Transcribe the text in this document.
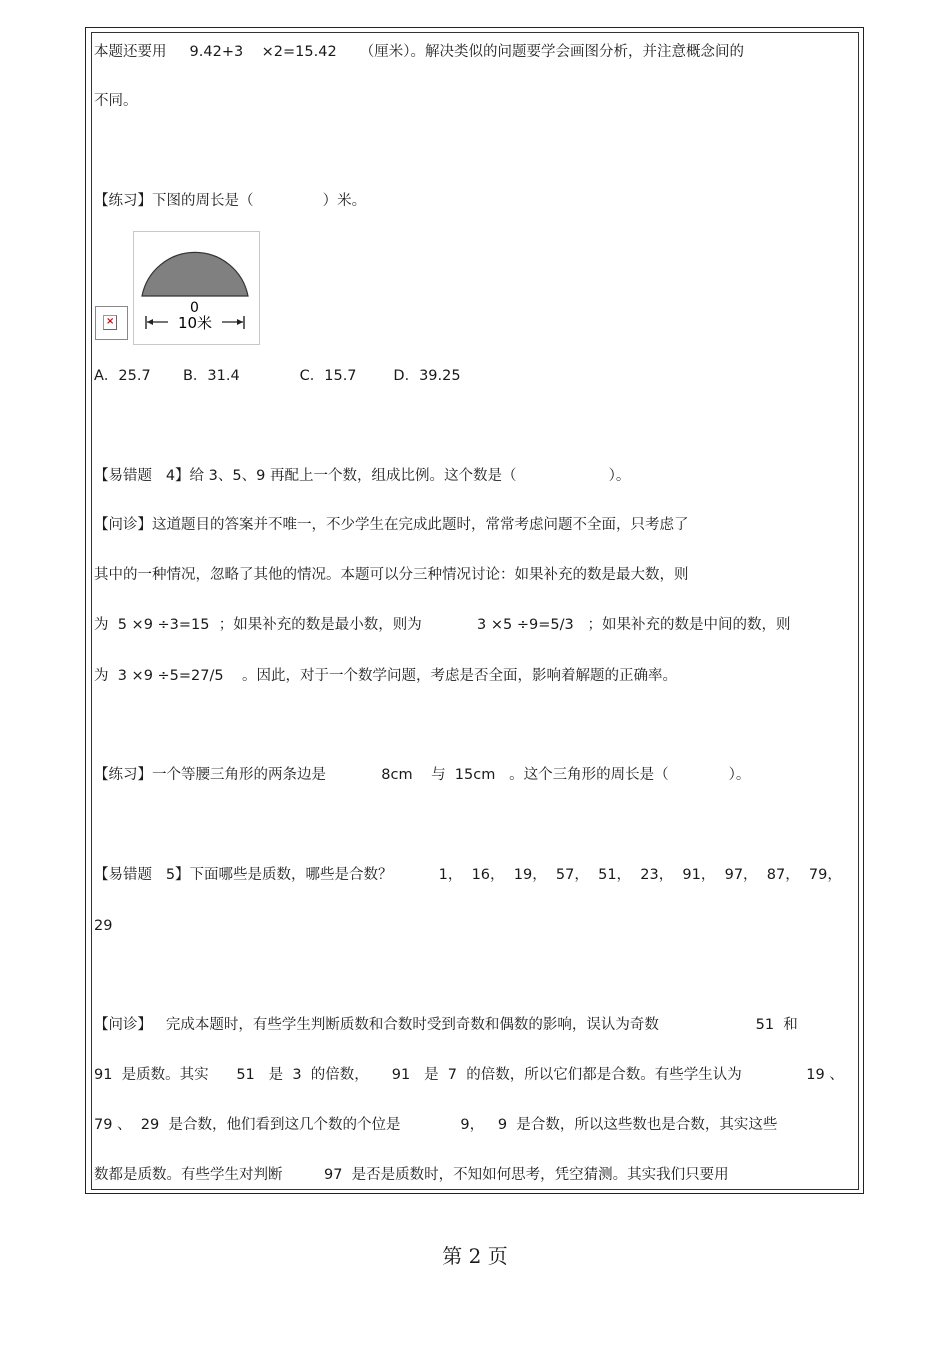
本题还要用     9.42+3    ×2=15.42     （厘米）。解决类似的问题要学会画图分析，并注意概念间的
不同。
【练习】下图的周长是（               ）米。
0
10米
×
A．25.7       B．31.4             C．15.7        D．39.25
【易错题   4】给 3、5、9 再配上一个数，组成比例。这个数是（                    ）。
【问诊】这道题目的答案并不唯一，不少学生在完成此题时，常常考虑问题不全面，只考虑了
其中的一种情况，忽略了其他的情况。本题可以分三种情况讨论：如果补充的数是最大数，则
为  5 ×9 ÷3=15  ；如果补充的数是最小数，则为            3 ×5 ÷9=5/3   ；如果补充的数是中间的数，则
为  3 ×9 ÷5=27/5    。因此，对于一个数学问题，考虑是否全面，影响着解题的正确率。
【练习】一个等腰三角形的两条边是            8cm    与  15cm   。这个三角形的周长是（             ）。
【易错题   5】下面哪些是质数，哪些是合数？          1，  16，  19，  57，  51，  23，  91，  97，  87，  79，
29
【问诊】   完成本题时，有些学生判断质数和合数时受到奇数和偶数的影响，误认为奇数                     51  和
91  是质数。其实      51   是  3  的倍数，     91   是  7  的倍数，所以它们都是合数。有些学生认为              19 、
79 、  29  是合数，他们看到这几个数的个位是             9，   9  是合数，所以这些数也是合数，其实这些
数都是质数。有些学生对判断         97  是否是质数时，不知如何思考，凭空猜测。其实我们只要用
第 2 页
